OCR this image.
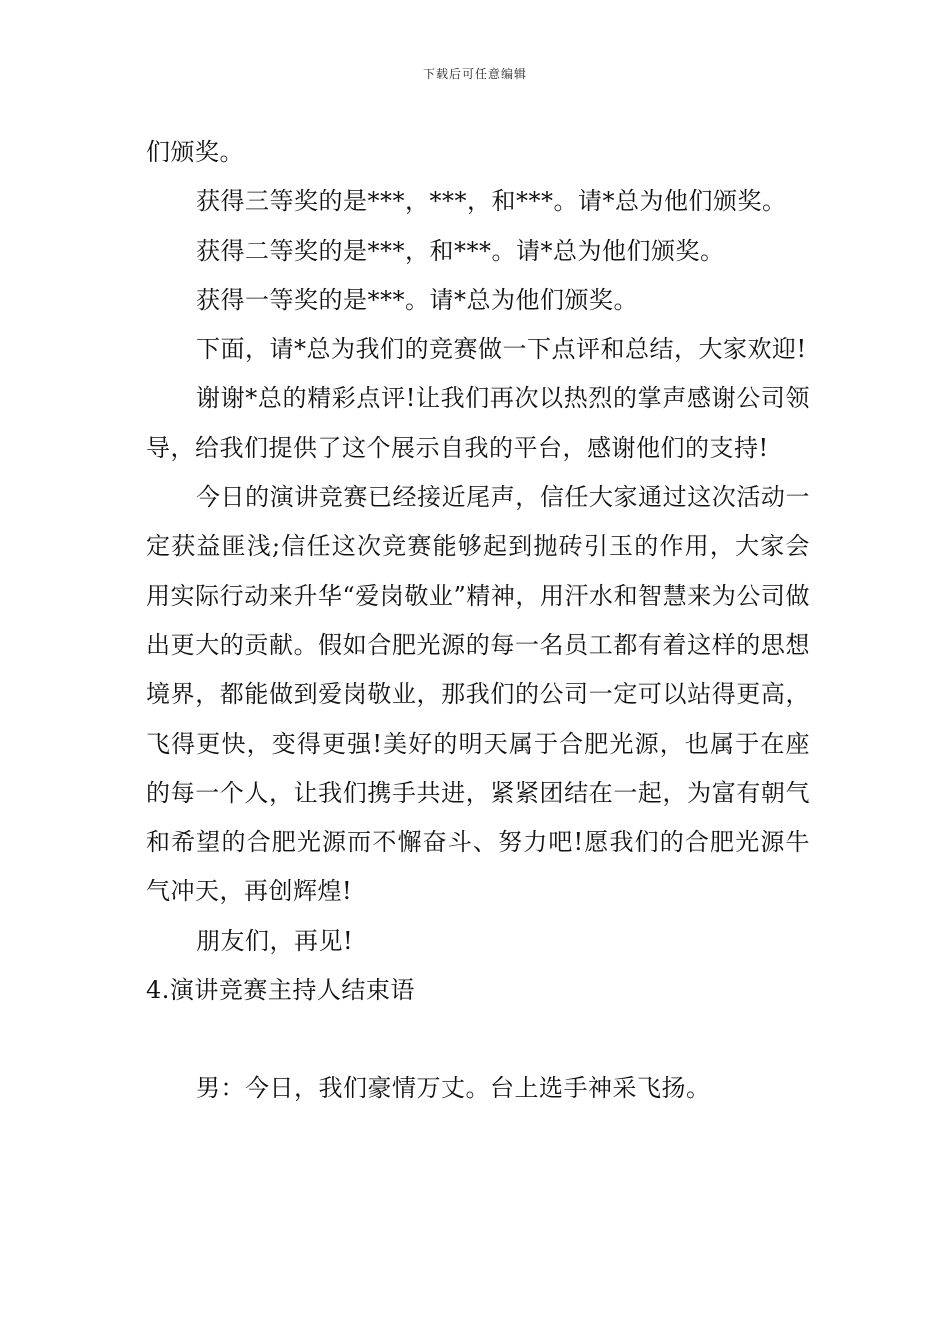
下载后可任意编辑

们颁奖。

获得三等奖的是***，***，和***。请*总为他们颁奖。

获得二等奖的是***，和***。请*总为他们颁奖。

获得一等奖的是***。请*总为他们颁奖。

下面，请*总为我们的竞赛做一下点评和总结，大家欢迎!

谢谢*总的精彩点评!让我们再次以热烈的掌声感谢公司领导，给我们提供了这个展示自我的平台，感谢他们的支持!

今日的演讲竞赛已经接近尾声，信任大家通过这次活动一定获益匪浅;信任这次竞赛能够起到抛砖引玉的作用，大家会用实际行动来升华“爱岗敬业”精神，用汗水和智慧来为公司做出更大的贡献。假如合肥光源的每一名员工都有着这样的思想境界，都能做到爱岗敬业，那我们的公司一定可以站得更高，飞得更快，变得更强!美好的明天属于合肥光源，也属于在座的每一个人，让我们携手共进，紧紧团结在一起，为富有朝气和希望的合肥光源而不懈奋斗、努力吧!愿我们的合肥光源牛气冲天，再创辉煌!

朋友们，再见!

4.演讲竞赛主持人结束语

男：今日，我们豪情万丈。台上选手神采飞扬。
